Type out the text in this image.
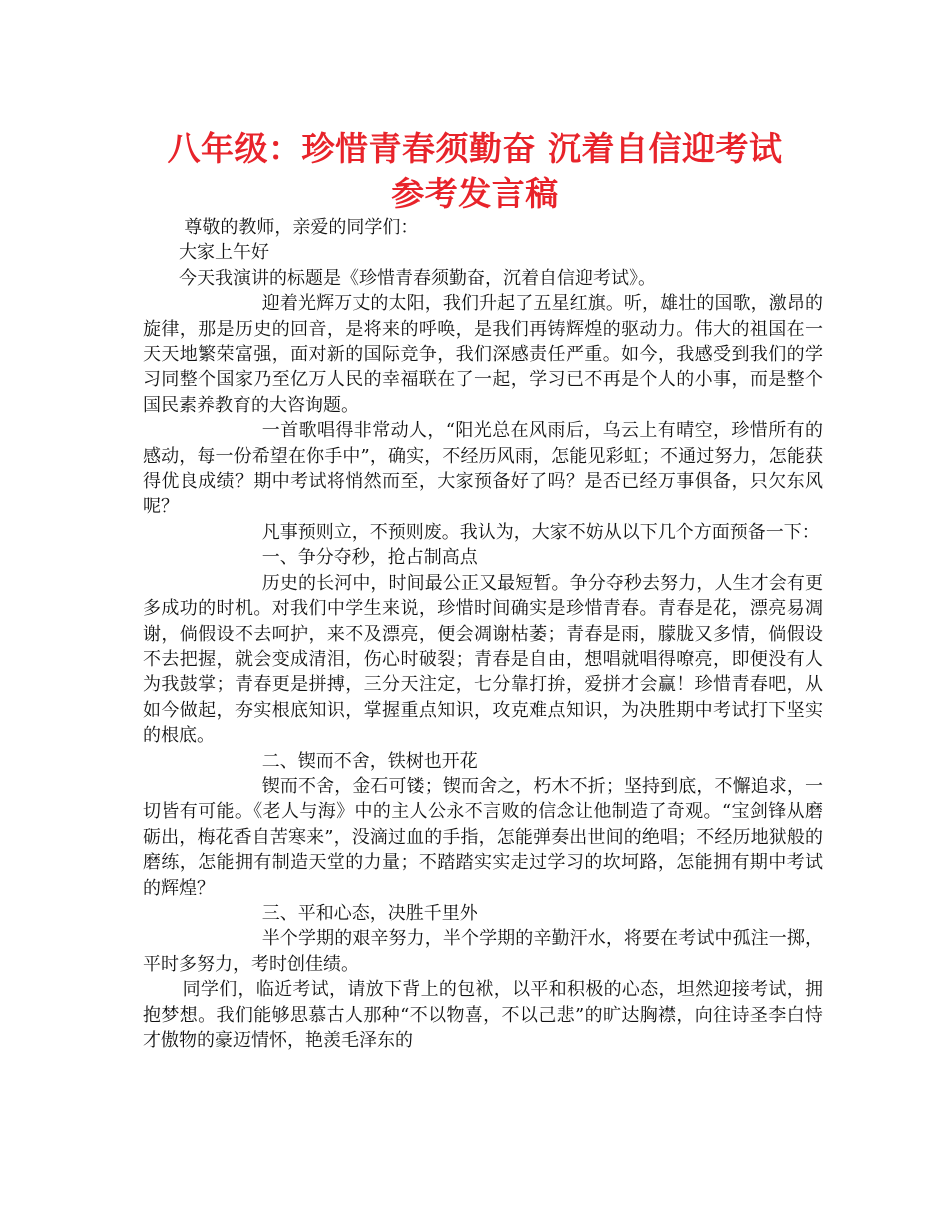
八年级：珍惜青春须勤奋 沉着自信迎考试
参考发言稿

尊敬的教师，亲爱的同学们：

大家上午好

今天我演讲的标题是《珍惜青春须勤奋，沉着自信迎考试》。

迎着光辉万丈的太阳，我们升起了五星红旗。听，雄壮的国歌，激昂的旋律，那是历史的回音，是将来的呼唤，是我们再铸辉煌的驱动力。伟大的祖国在一天天地繁荣富强，面对新的国际竞争，我们深感责任严重。如今，我感受到我们的学习同整个国家乃至亿万人民的幸福联在了一起，学习已不再是个人的小事，而是整个国民素养教育的大咨询题。

一首歌唱得非常动人，“阳光总在风雨后，乌云上有晴空，珍惜所有的感动，每一份希望在你手中”，确实，不经历风雨，怎能见彩虹；不通过努力，怎能获得优良成绩？期中考试将悄然而至，大家预备好了吗？是否已经万事俱备，只欠东风呢？

凡事预则立，不预则废。我认为，大家不妨从以下几个方面预备一下：

一、争分夺秒，抢占制高点

历史的长河中，时间最公正又最短暂。争分夺秒去努力，人生才会有更多成功的时机。对我们中学生来说，珍惜时间确实是珍惜青春。青春是花，漂亮易凋谢，倘假设不去呵护，来不及漂亮，便会凋谢枯萎；青春是雨，朦胧又多情，倘假设不去把握，就会变成清泪，伤心时破裂；青春是自由，想唱就唱得嘹亮，即便没有人为我鼓掌；青春更是拼搏，三分天注定，七分靠打拚，爱拼才会赢！珍惜青春吧，从如今做起，夯实根底知识，掌握重点知识，攻克难点知识，为决胜期中考试打下坚实的根底。

二、锲而不舍，铁树也开花

锲而不舍，金石可镂；锲而舍之，朽木不折；坚持到底，不懈追求，一切皆有可能。《老人与海》中的主人公永不言败的信念让他制造了奇观。“宝剑锋从磨砺出，梅花香自苦寒来”，没滴过血的手指，怎能弹奏出世间的绝唱；不经历地狱般的磨练，怎能拥有制造天堂的力量；不踏踏实实走过学习的坎坷路，怎能拥有期中考试的辉煌？

三、平和心态，决胜千里外

半个学期的艰辛努力，半个学期的辛勤汗水，将要在考试中孤注一掷，平时多努力，考时创佳绩。

同学们，临近考试，请放下背上的包袱，以平和积极的心态，坦然迎接考试，拥抱梦想。我们能够思慕古人那种“不以物喜，不以己悲”的旷达胸襟，向往诗圣李白恃才傲物的豪迈情怀，艳羡毛泽东的
